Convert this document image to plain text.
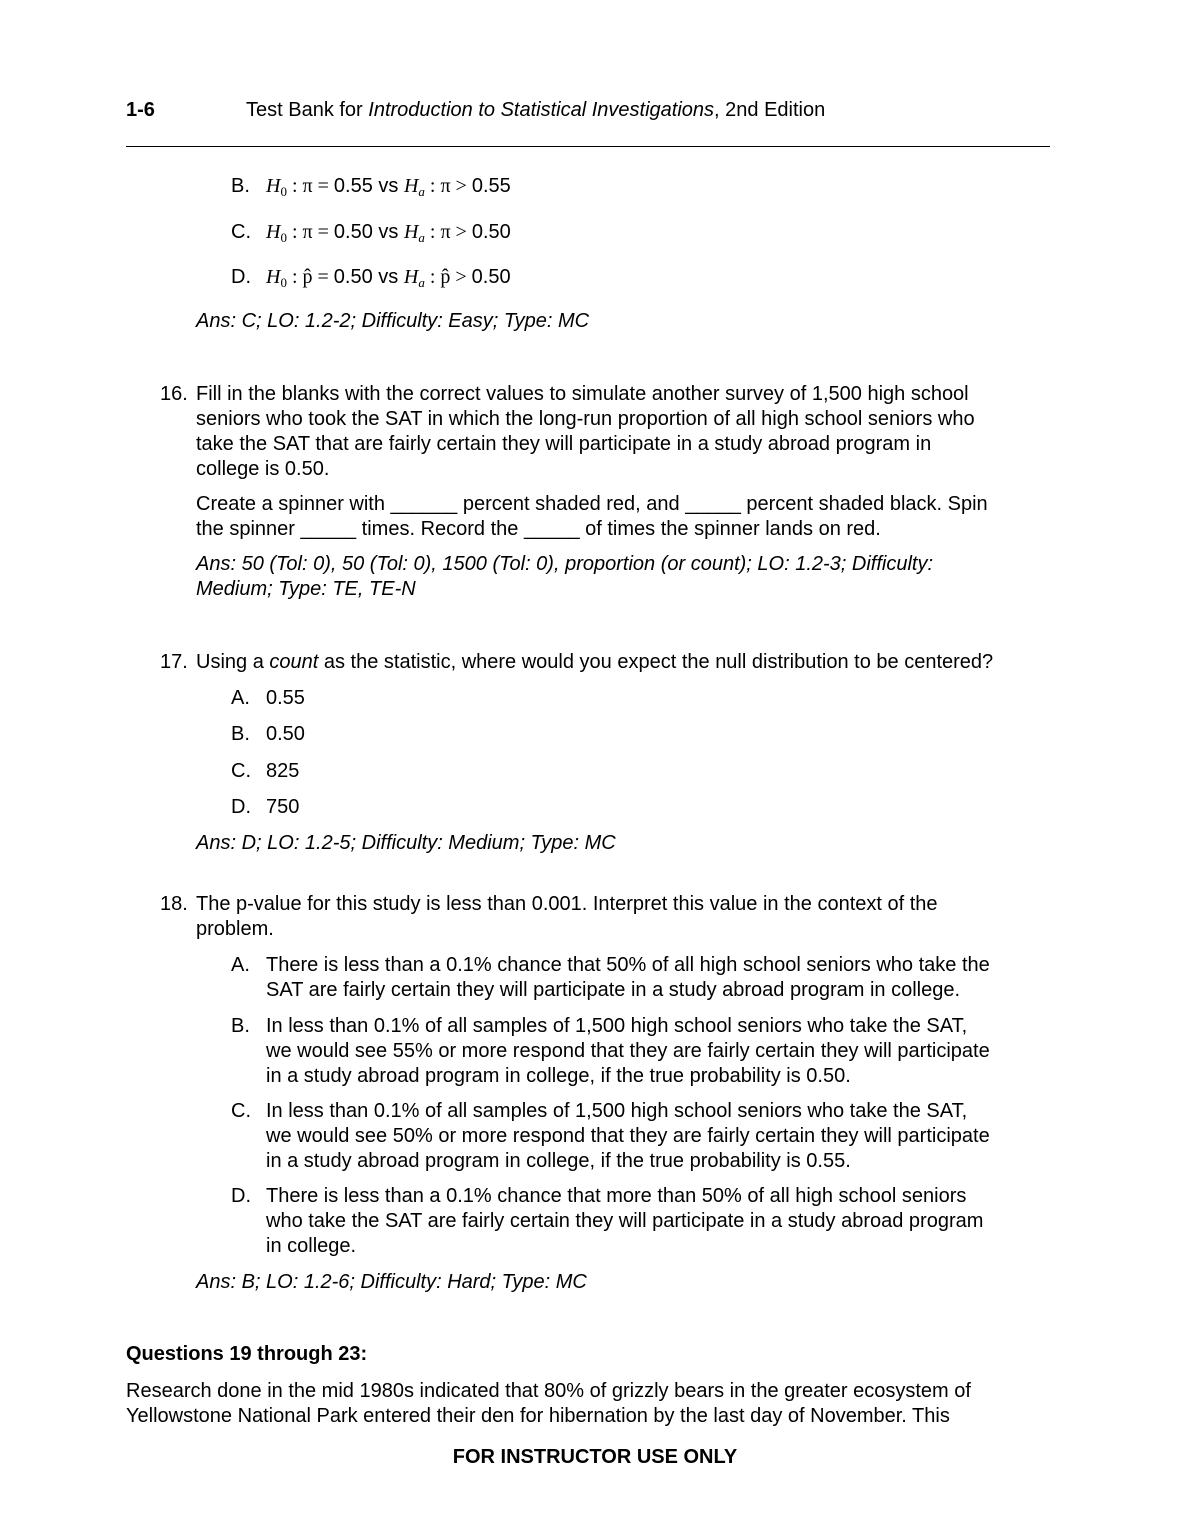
1-6	Test Bank for Introduction to Statistical Investigations, 2nd Edition
B. $H_0$ : π = 0.55 vs $H_a$ : π > 0.55
C. $H_0$ : π = 0.50 vs $H_a$ : π > 0.50
D. $H_0$ : p̂ = 0.50 vs $H_a$ : p̂ > 0.50
Ans: C; LO: 1.2-2; Difficulty: Easy; Type: MC
16. Fill in the blanks with the correct values to simulate another survey of 1,500 high school
seniors who took the SAT in which the long-run proportion of all high school seniors who
take the SAT that are fairly certain they will participate in a study abroad program in
college is 0.50.
Create a spinner with ______ percent shaded red, and _____ percent shaded black. Spin
the spinner _____ times. Record the _____ of times the spinner lands on red.
Ans: 50 (Tol: 0), 50 (Tol: 0), 1500 (Tol: 0), proportion (or count); LO: 1.2-3; Difficulty:
Medium; Type: TE, TE-N
17. Using a count as the statistic, where would you expect the null distribution to be centered?
A. 0.55
B. 0.50
C. 825
D. 750
Ans: D; LO: 1.2-5; Difficulty: Medium; Type: MC
18. The p-value for this study is less than 0.001. Interpret this value in the context of the
problem.
A. There is less than a 0.1% chance that 50% of all high school seniors who take the
SAT are fairly certain they will participate in a study abroad program in college.
B. In less than 0.1% of all samples of 1,500 high school seniors who take the SAT,
we would see 55% or more respond that they are fairly certain they will participate
in a study abroad program in college, if the true probability is 0.50.
C. In less than 0.1% of all samples of 1,500 high school seniors who take the SAT,
we would see 50% or more respond that they are fairly certain they will participate
in a study abroad program in college, if the true probability is 0.55.
D. There is less than a 0.1% chance that more than 50% of all high school seniors
who take the SAT are fairly certain they will participate in a study abroad program
in college.
Ans: B; LO: 1.2-6; Difficulty: Hard; Type: MC
Questions 19 through 23:
Research done in the mid 1980s indicated that 80% of grizzly bears in the greater ecosystem of
Yellowstone National Park entered their den for hibernation by the last day of November. This
FOR INSTRUCTOR USE ONLY
